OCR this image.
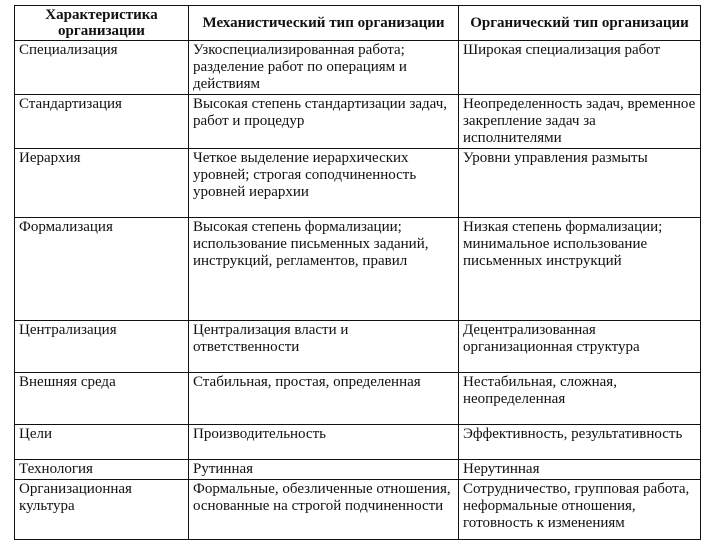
Характеристика организации	Механистический тип организации	Органический тип организации
Специализация	Узкоспециализированная работа; разделение работ по операциям и действиям	Широкая специализация работ
Стандартизация	Высокая степень стандартизации задач, работ и процедур	Неопределенность задач, временное закрепление задач за исполнителями
Иерархия	Четкое выделение иерархических уровней; строгая соподчиненность уровней иерархии	Уровни управления размыты
Формализация	Высокая степень формализации; использование письменных заданий, инструкций, регламентов, правил	Низкая степень формализации; минимальное использование письменных инструкций
Централизация	Централизация власти и ответственности	Децентрализованная организационная структура
Внешняя среда	Стабильная, простая, определенная	Нестабильная, сложная, неопределенная
Цели	Производительность	Эффективность, результативность
Технология	Рутинная	Нерутинная
Организационная культура	Формальные, обезличенные отношения, основанные на строгой подчиненности	Сотрудничество, групповая работа, неформальные отношения, готовность к изменениям
